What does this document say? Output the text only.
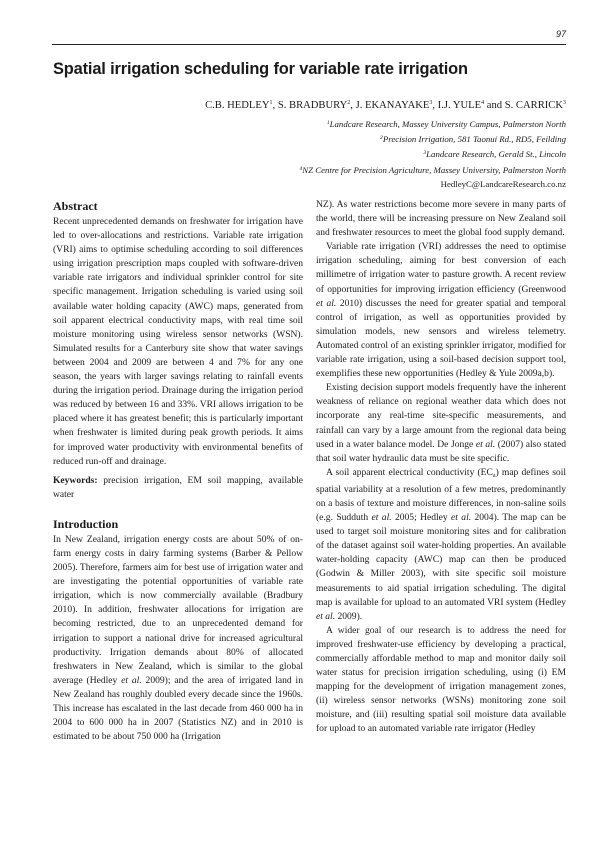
97
Spatial irrigation scheduling for variable rate irrigation
C.B. HEDLEY$^1$, S. BRADBURY$^2$, J. EKANAYAKE$^3$, I.J. YULE$^4$ and S. CARRICK$^3$
$^1$Landcare Research, Massey University Campus, Palmerston North
$^2$Precision Irrigation, 581 Taonui Rd., RD5, Feilding
$^3$Landcare Research, Gerald St., Lincoln
$^4$NZ Centre for Precision Agriculture, Massey University, Palmerston North
HedleyC@LandcareResearch.co.nz
Abstract

Recent unprecedented demands on freshwater for irrigation have led to over-allocations and restrictions. Variable rate irrigation (VRI) aims to optimise scheduling according to soil differences using irrigation prescription maps coupled with software-driven variable rate irrigators and individual sprinkler control for site specific management. Irrigation scheduling is varied using soil available water holding capacity (AWC) maps, generated from soil apparent electrical conductivity maps, with real time soil moisture monitoring using wireless sensor networks (WSN). Simulated results for a Canterbury site show that water savings between 2004 and 2009 are between 4 and 7% for any one season, the years with larger savings relating to rainfall events during the irrigation period. Drainage during the irrigation period was reduced by between 16 and 33%. VRI allows irrigation to be placed where it has greatest benefit; this is particularly important when freshwater is limited during peak growth periods. It aims for improved water productivity with environmental benefits of reduced run-off and drainage.

Keywords: precision irrigation, EM soil mapping, available water

Introduction

In New Zealand, irrigation energy costs are about 50% of on-farm energy costs in dairy farming systems (Barber & Pellow 2005). Therefore, farmers aim for best use of irrigation water and are investigating the potential opportunities of variable rate irrigation, which is now commercially available (Bradbury 2010). In addition, freshwater allocations for irrigation are becoming restricted, due to an unprecedented demand for irrigation to support a national drive for increased agricultural productivity. Irrigation demands about 80% of allocated freshwaters in New Zealand, which is similar to the global average (Hedley et al. 2009); and the area of irrigated land in New Zealand has roughly doubled every decade since the 1960s. This increase has escalated in the last decade from 460 000 ha in 2004 to 600 000 ha in 2007 (Statistics NZ) and in 2010 is estimated to be about 750 000 ha (Irrigation

NZ). As water restrictions become more severe in many parts of the world, there will be increasing pressure on New Zealand soil and freshwater resources to meet the global food supply demand.

Variable rate irrigation (VRI) addresses the need to optimise irrigation scheduling, aiming for best conversion of each millimetre of irrigation water to pasture growth. A recent review of opportunities for improving irrigation efficiency (Greenwood et al. 2010) discusses the need for greater spatial and temporal control of irrigation, as well as opportunities provided by simulation models, new sensors and wireless telemetry. Automated control of an existing sprinkler irrigator, modified for variable rate irrigation, using a soil-based decision support tool, exemplifies these new opportunities (Hedley & Yule 2009a,b).

Existing decision support models frequently have the inherent weakness of reliance on regional weather data which does not incorporate any real-time site-specific measurements, and rainfall can vary by a large amount from the regional data being used in a water balance model. De Jonge et al. (2007) also stated that soil water hydraulic data must be site specific.

A soil apparent electrical conductivity $(EC_a)$ map defines soil spatial variability at a resolution of a few metres, predominantly on a basis of texture and moisture differences, in non-saline soils (e.g. Sudduth et al. 2005; Hedley et al. 2004). The map can be used to target soil moisture monitoring sites and for calibration of the dataset against soil water-holding properties. An available water-holding capacity (AWC) map can then be produced (Godwin & Miller 2003), with site specific soil moisture measurements to aid spatial irrigation scheduling. The digital map is available for upload to an automated VRI system (Hedley et al. 2009).

A wider goal of our research is to address the need for improved freshwater-use efficiency by developing a practical, commercially affordable method to map and monitor daily soil water status for precision irrigation scheduling, using (i) EM mapping for the development of irrigation management zones, (ii) wireless sensor networks (WSNs) monitoring zone soil moisture, and (iii) resulting spatial soil moisture data available for upload to an automated variable rate irrigator (Hedley
